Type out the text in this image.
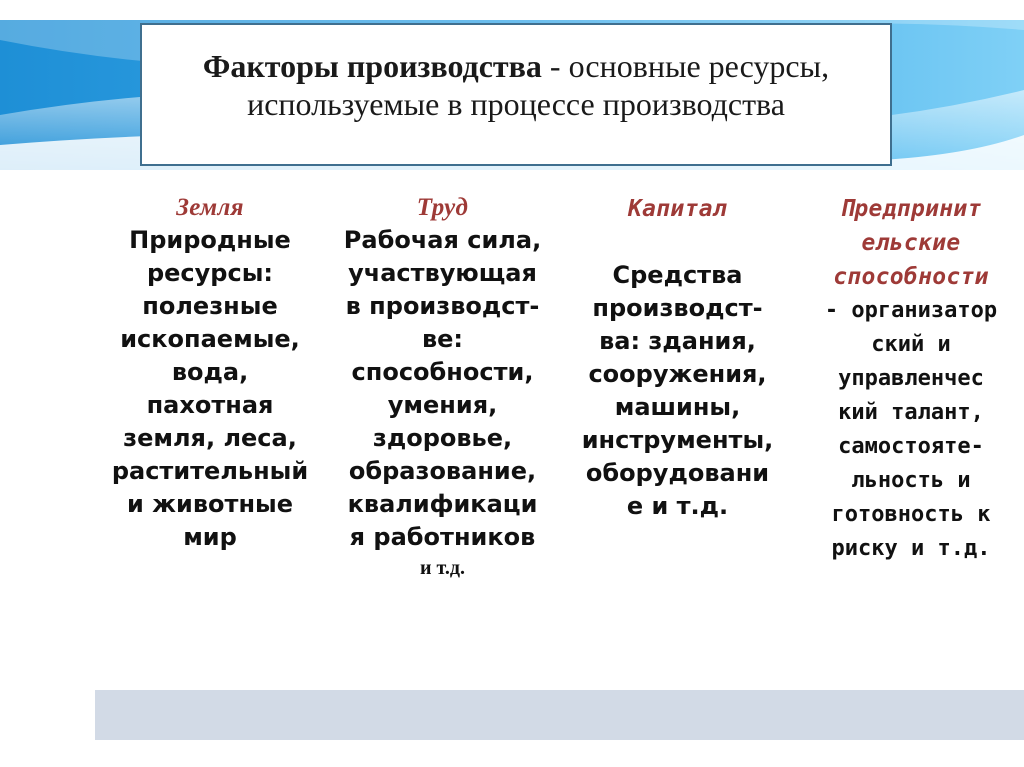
Факторы производства - основные ресурсы, используемые в процессе производства
Земля
Природные
ресурсы:
полезные
ископаемые,
вода,
пахотная
земля, леса,
растительный
и животные
мир
Труд
Рабочая сила,
участвующая
в производст-
ве:
способности,
умения,
здоровье,
образование,
квалификаци
я работников
и т.д.
Капитал
Средства
производст-
ва: здания,
сооружения,
машины,
инструменты,
оборудовани
е и т.д.
Предпринит
ельские
способности
- организатор
ский и
управленчес
кий талант,
самостояте-
льность и
готовность к
риску и т.д.
